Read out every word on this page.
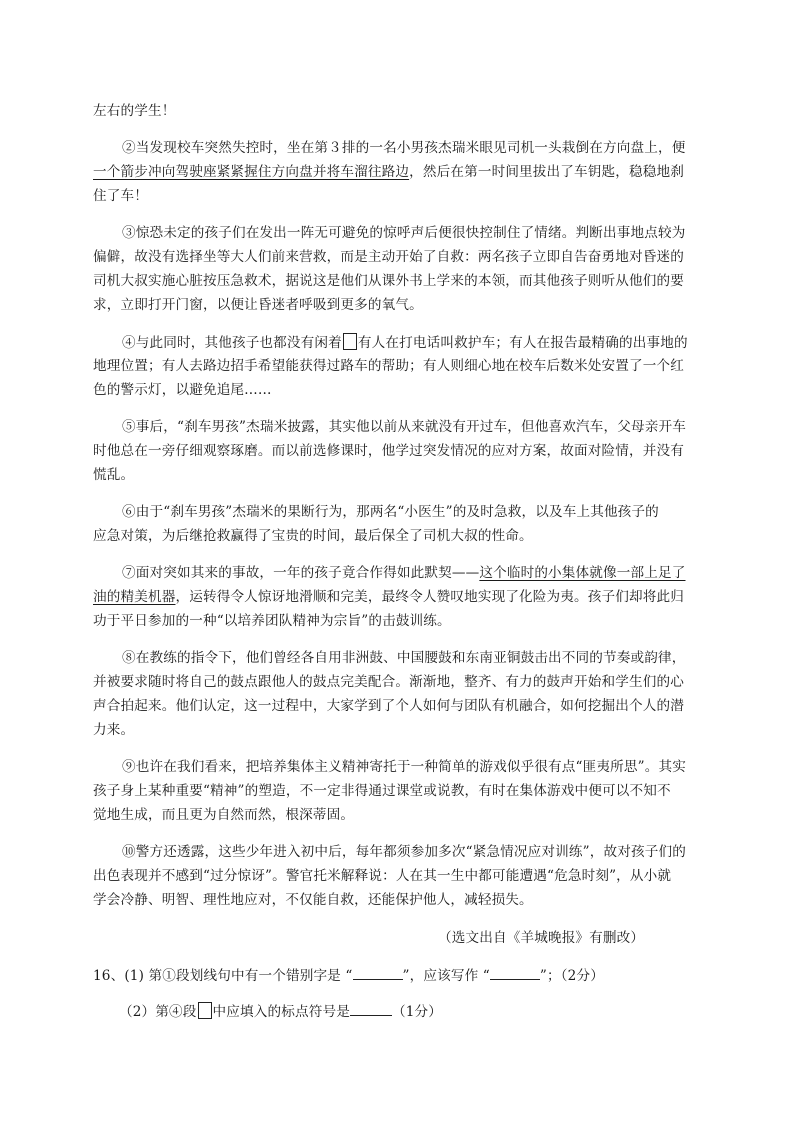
左右的学生！
②当发现校车突然失控时，坐在第３排的一名小男孩杰瑞米眼见司机一头栽倒在方向盘上，便
一个箭步冲向驾驶座紧紧握住方向盘并将车溜往路边，然后在第一时间里拔出了车钥匙，稳稳地刹
住了车！
③惊恐未定的孩子们在发出一阵无可避免的惊呼声后便很快控制住了情绪。判断出事地点较为
偏僻，故没有选择坐等大人们前来营救，而是主动开始了自救：两名孩子立即自告奋勇地对昏迷的
司机大叔实施心脏按压急救术，据说这是他们从课外书上学来的本领，而其他孩子则听从他们的要
求，立即打开门窗，以便让昏迷者呼吸到更多的氧气。
④与此同时，其他孩子也都没有闲着 有人在打电话叫救护车；有人在报告最精确的出事地的
地理位置；有人去路边招手希望能获得过路车的帮助；有人则细心地在校车后数米处安置了一个红
色的警示灯，以避免追尾……
⑤事后，“刹车男孩”杰瑞米披露，其实他以前从来就没有开过车，但他喜欢汽车，父母亲开车
时他总在一旁仔细观察琢磨。而以前选修课时，他学过突发情况的应对方案，故面对险情，并没有
慌乱。
⑥由于“刹车男孩”杰瑞米的果断行为，那两名“小医生”的及时急救，以及车上其他孩子的
应急对策，为后继抢救赢得了宝贵的时间，最后保全了司机大叔的性命。
⑦面对突如其来的事故，一年的孩子竟合作得如此默契——这个临时的小集体就像一部上足了
油的精美机器，运转得令人惊讶地滑顺和完美，最终令人赞叹地实现了化险为夷。孩子们却将此归
功于平日参加的一种“以培养团队精神为宗旨”的击鼓训练。
⑧在教练的指令下，他们曾经各自用非洲鼓、中国腰鼓和东南亚铜鼓击出不同的节奏或韵律，
并被要求随时将自己的鼓点跟他人的鼓点完美配合。渐渐地，整齐、有力的鼓声开始和学生们的心
声合拍起来。他们认定，这一过程中，大家学到了个人如何与团队有机融合，如何挖掘出个人的潜
力来。
⑨也许在我们看来，把培养集体主义精神寄托于一种简单的游戏似乎很有点“匪夷所思”。其实
孩子身上某种重要“精神”的塑造，不一定非得通过课堂或说教，有时在集体游戏中便可以不知不
觉地生成，而且更为自然而然，根深蒂固。
⑩警方还透露，这些少年进入初中后，每年都须参加多次“紧急情况应对训练”，故对孩子们的
出色表现并不感到“过分惊讶”。警官托米解释说：人在其一生中都可能遭遇“危急时刻”，从小就
学会冷静、明智、理性地应对，不仅能自救，还能保护他人，减轻损失。
（选文出自《羊城晚报》有删改）
16、(1) 第①段划线句中有一个错别字是 “	”，应该写作 “	”；（2分）
（2）第④段 中应填入的标点符号是	（1分）
